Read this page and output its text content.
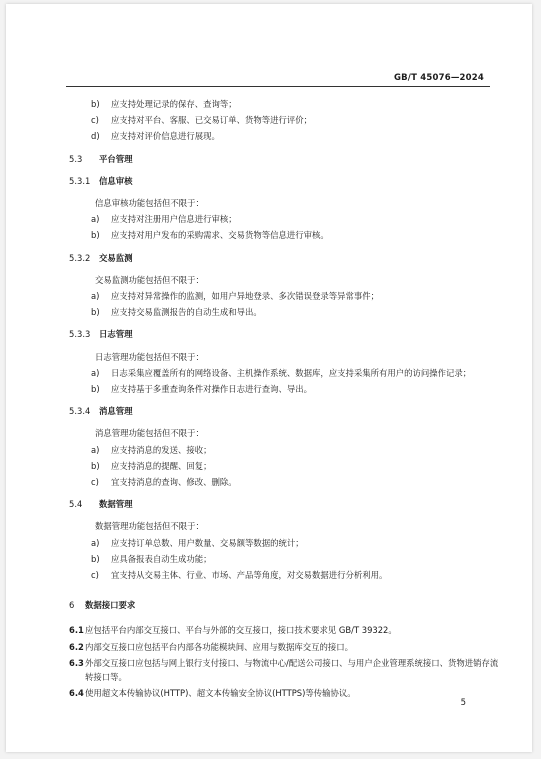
GB/T 45076—2024
b)	应支持处理记录的保存、查询等；
c)	应支持对平台、客服、已交易订单、货物等进行评价；
d)	应支持对评价信息进行展现。
5.3	平台管理
5.3.1	信息审核
信息审核功能包括但不限于：
a)	应支持对注册用户信息进行审核；
b)	应支持对用户发布的采购需求、交易货物等信息进行审核。
5.3.2	交易监测
交易监测功能包括但不限于：
a)	应支持对异常操作的监测，如用户异地登录、多次错误登录等异常事件；
b)	应支持交易监测报告的自动生成和导出。
5.3.3	日志管理
日志管理功能包括但不限于：
a)	日志采集应覆盖所有的网络设备、主机操作系统、数据库，应支持采集所有用户的访问操作记录；
b)	应支持基于多重查询条件对操作日志进行查询、导出。
5.3.4	消息管理
消息管理功能包括但不限于：
a)	应支持消息的发送、接收；
b)	应支持消息的提醒、回复；
c)	宜支持消息的查询、修改、删除。
5.4	数据管理
数据管理功能包括但不限于：
a)	应支持订单总数、用户数量、交易额等数据的统计；
b)	应具备报表自动生成功能；
c)	宜支持从交易主体、行业、市场、产品等角度，对交易数据进行分析利用。
6	数据接口要求
6.1 应包括平台内部交互接口、平台与外部的交互接口，接口技术要求见 GB/T 39322。
6.2 内部交互接口应包括平台内部各功能模块间、应用与数据库交互的接口。
6.3 外部交互接口应包括与网上银行支付接口、与物流中心/配送公司接口、与用户企业管理系统接口、货物进销存流转接口等。
6.4 使用超文本传输协议(HTTP)、超文本传输安全协议(HTTPS)等传输协议。
5
